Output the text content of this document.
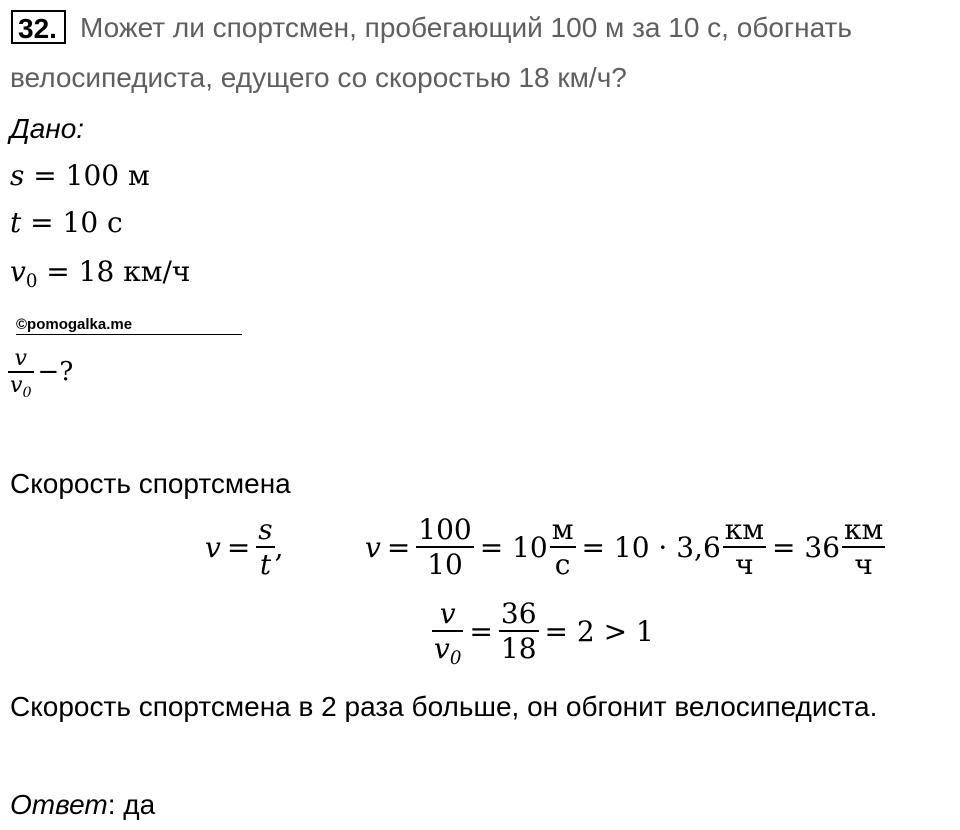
32. Может ли спортсмен, пробегающий 100 м за 10 с, обогнать
велосипедиста, едущего со скоростью 18 км/ч?
Дано:
s = 100 м
t = 10 с
$v_0 = 18$ км/ч
©pomogalka.me
$\frac{v}{v_0}$ −?
Скорость спортсмена
$v = \frac{s}{t}$ ,	$v = \frac{100}{10} = 10 \frac{м}{с} = 10 \cdot 3,6 \frac{км}{ч} = 36 \frac{км}{ч}$
$\frac{v}{v_0} = \frac{36}{18} = 2 > 1$
Скорость спортсмена в 2 раза больше, он обгонит велосипедиста.
Ответ: да
